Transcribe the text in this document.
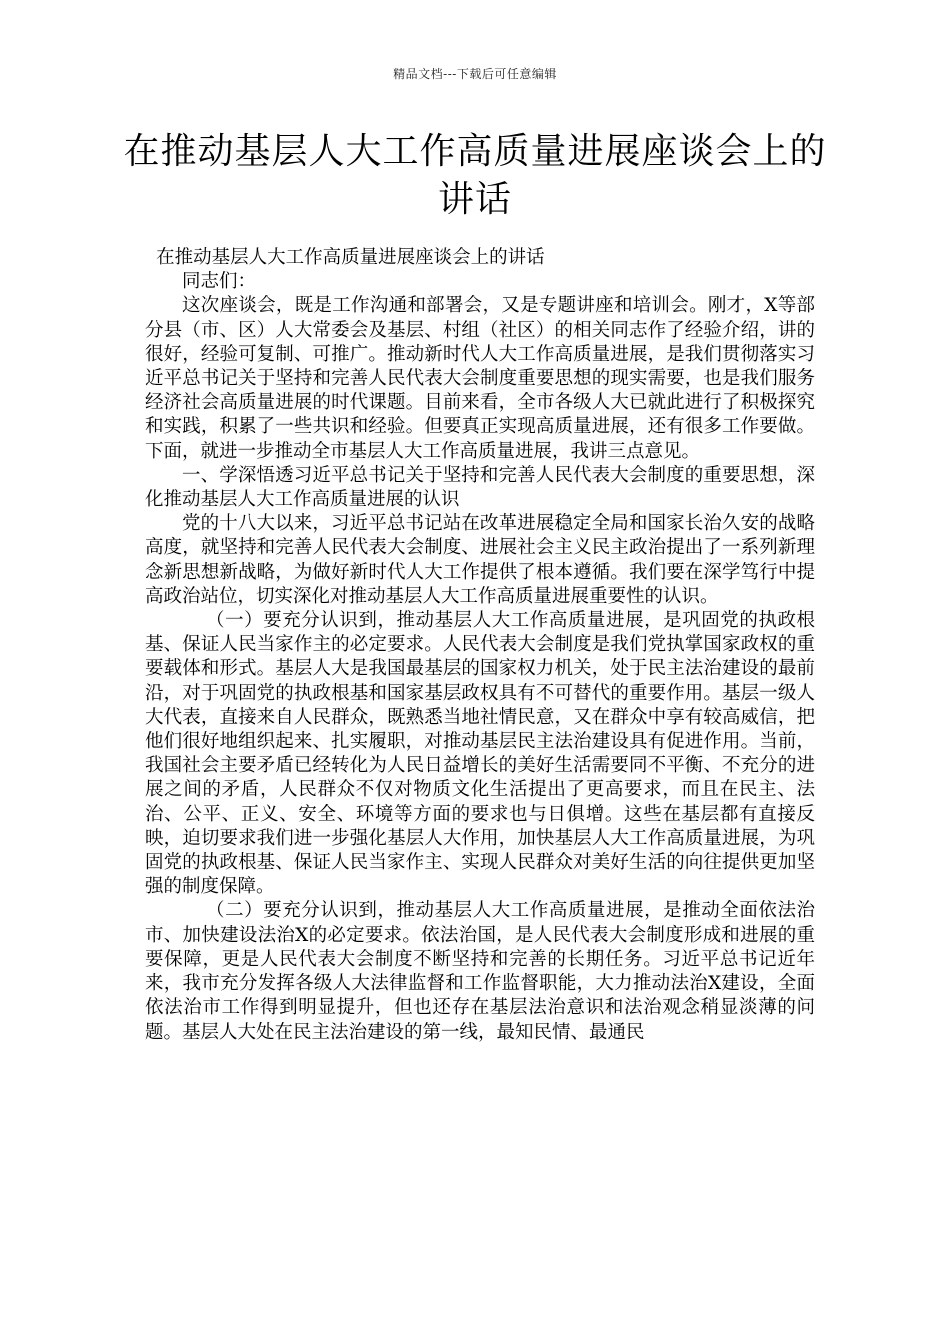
精品文档---下载后可任意编辑
在推动基层人大工作高质量进展座谈会上的讲话

在推动基层人大工作高质量进展座谈会上的讲话

同志们：

这次座谈会，既是工作沟通和部署会，又是专题讲座和培训会。刚才，X等部分县（市、区）人大常委会及基层、村组（社区）的相关同志作了经验介绍，讲的很好，经验可复制、可推广。推动新时代人大工作高质量进展，是我们贯彻落实习近平总书记关于坚持和完善人民代表大会制度重要思想的现实需要，也是我们服务经济社会高质量进展的时代课题。目前来看，全市各级人大已就此进行了积极探究和实践，积累了一些共识和经验。但要真正实现高质量进展，还有很多工作要做。下面，就进一步推动全市基层人大工作高质量进展，我讲三点意见。

一、学深悟透习近平总书记关于坚持和完善人民代表大会制度的重要思想，深化推动基层人大工作高质量进展的认识

党的十八大以来，习近平总书记站在改革进展稳定全局和国家长治久安的战略高度，就坚持和完善人民代表大会制度、进展社会主义民主政治提出了一系列新理念新思想新战略，为做好新时代人大工作提供了根本遵循。我们要在深学笃行中提高政治站位，切实深化对推动基层人大工作高质量进展重要性的认识。

（一）要充分认识到，推动基层人大工作高质量进展，是巩固党的执政根基、保证人民当家作主的必定要求。人民代表大会制度是我们党执掌国家政权的重要载体和形式。基层人大是我国最基层的国家权力机关，处于民主法治建设的最前沿，对于巩固党的执政根基和国家基层政权具有不可替代的重要作用。基层一级人大代表，直接来自人民群众，既熟悉当地社情民意，又在群众中享有较高威信，把他们很好地组织起来、扎实履职，对推动基层民主法治建设具有促进作用。当前，我国社会主要矛盾已经转化为人民日益增长的美好生活需要同不平衡、不充分的进展之间的矛盾，人民群众不仅对物质文化生活提出了更高要求，而且在民主、法治、公平、正义、安全、环境等方面的要求也与日俱增。这些在基层都有直接反映，迫切要求我们进一步强化基层人大作用，加快基层人大工作高质量进展，为巩固党的执政根基、保证人民当家作主、实现人民群众对美好生活的向往提供更加坚强的制度保障。

（二）要充分认识到，推动基层人大工作高质量进展，是推动全面依法治市、加快建设法治X的必定要求。依法治国，是人民代表大会制度形成和进展的重要保障，更是人民代表大会制度不断坚持和完善的长期任务。习近平总书记近年来，我市充分发挥各级人大法律监督和工作监督职能，大力推动法治X建设，全面依法治市工作得到明显提升，但也还存在基层法治意识和法治观念稍显淡薄的问题。基层人大处在民主法治建设的第一线，最知民情、最通民
